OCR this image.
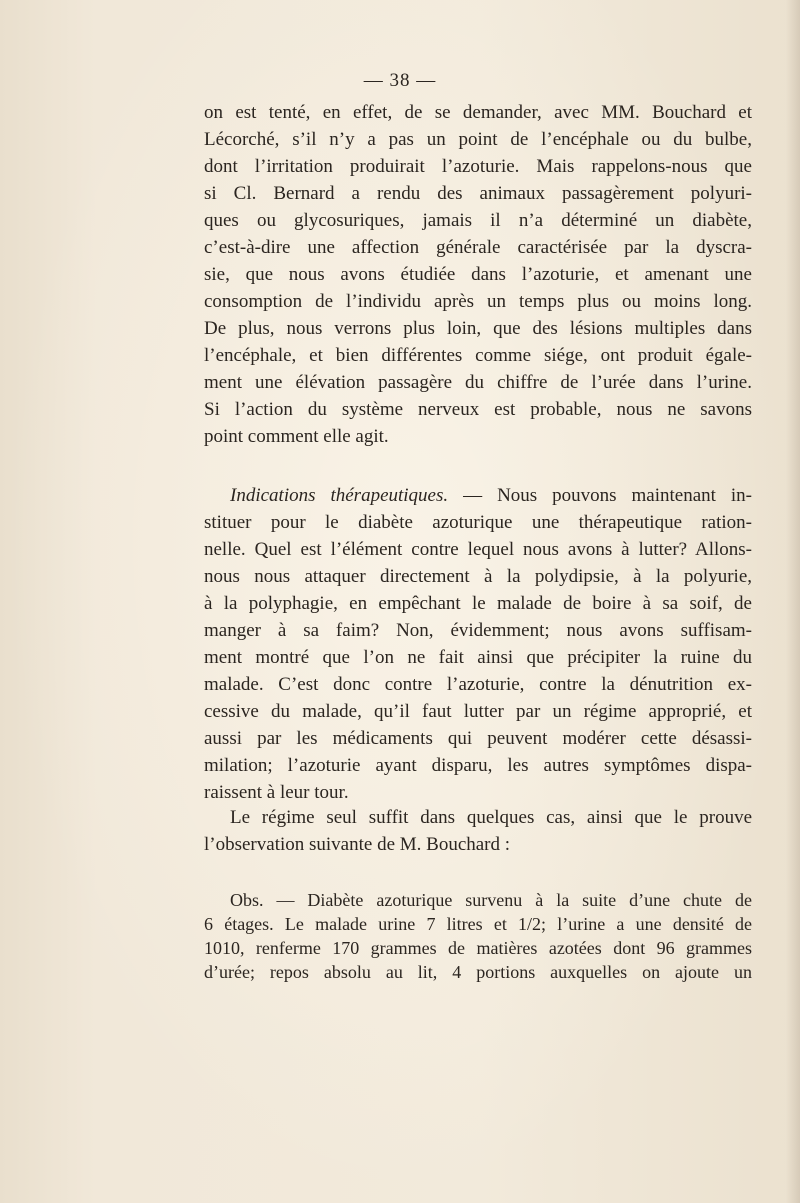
— 38 —
on est tenté, en effet, de se demander, avec MM. Bouchard et
Lécorché, s’il n’y a pas un point de l’encéphale ou du bulbe,
dont l’irritation produirait l’azoturie. Mais rappelons-nous que
si Cl. Bernard a rendu des animaux passagèrement polyuri-
ques ou glycosuriques, jamais il n’a déterminé un diabète,
c’est-à-dire une affection générale caractérisée par la dyscra-
sie, que nous avons étudiée dans l’azoturie, et amenant une
consomption de l’individu après un temps plus ou moins long.
De plus, nous verrons plus loin, que des lésions multiples dans
l’encéphale, et bien différentes comme siége, ont produit égale-
ment une élévation passagère du chiffre de l’urée dans l’urine.
Si l’action du système nerveux est probable, nous ne savons
point comment elle agit.
Indications thérapeutiques. — Nous pouvons maintenant in-
stituer pour le diabète azoturique une thérapeutique ration-
nelle. Quel est l’élément contre lequel nous avons à lutter? Allons-
nous nous attaquer directement à la polydipsie, à la polyurie,
à la polyphagie, en empêchant le malade de boire à sa soif, de
manger à sa faim? Non, évidemment; nous avons suffisam-
ment montré que l’on ne fait ainsi que précipiter la ruine du
malade. C’est donc contre l’azoturie, contre la dénutrition ex-
cessive du malade, qu’il faut lutter par un régime approprié, et
aussi par les médicaments qui peuvent modérer cette désassi-
milation; l’azoturie ayant disparu, les autres symptômes dispa-
raissent à leur tour.
Le régime seul suffit dans quelques cas, ainsi que le prouve
l’observation suivante de M. Bouchard :
Obs. — Diabète azoturique survenu à la suite d’une chute de
6 étages. Le malade urine 7 litres et 1/2; l’urine a une densité de
1010, renferme 170 grammes de matières azotées dont 96 grammes
d’urée; repos absolu au lit, 4 portions auxquelles on ajoute un
